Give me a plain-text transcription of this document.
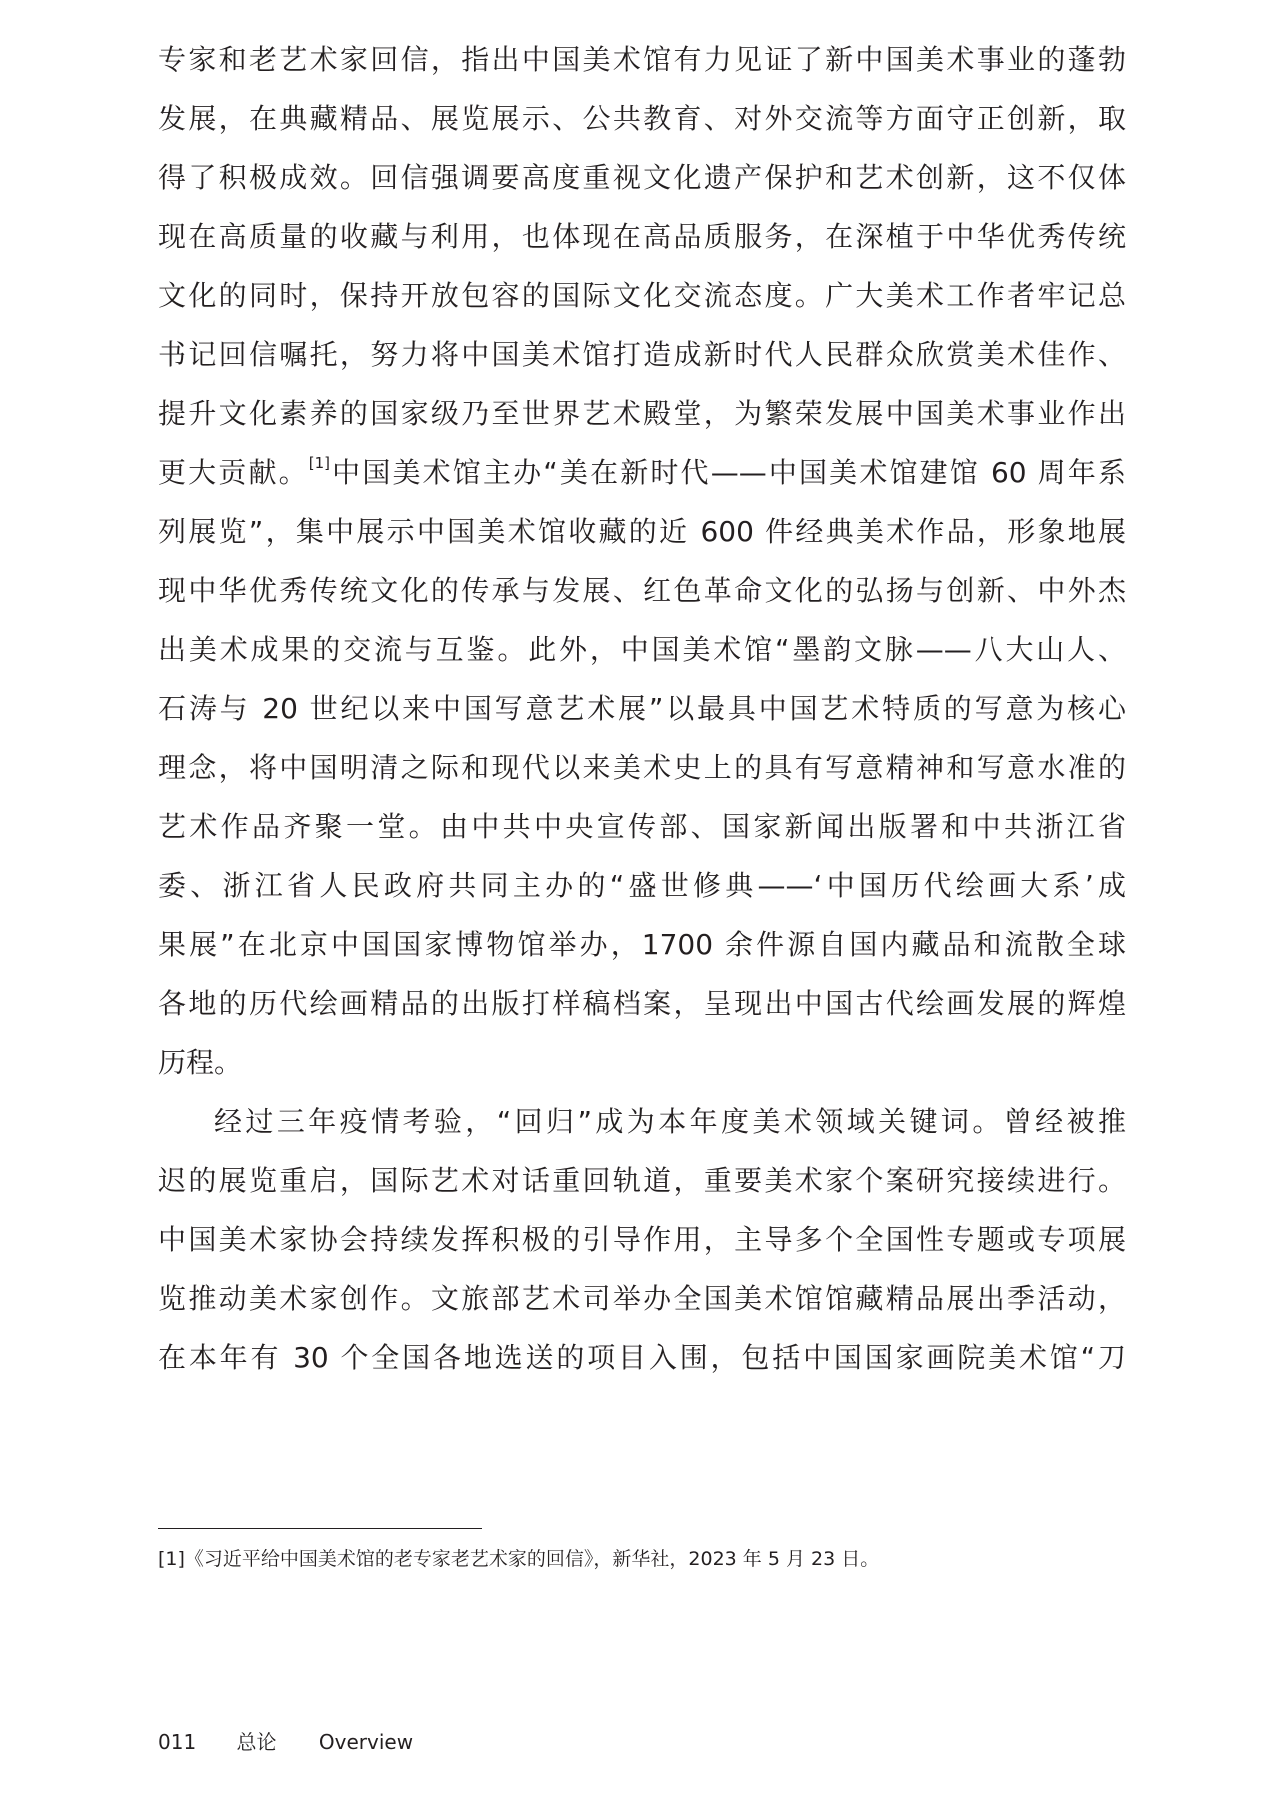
专家和老艺术家回信，指出中国美术馆有力见证了新中国美术事业的蓬勃
发展，在典藏精品、展览展示、公共教育、对外交流等方面守正创新，取
得了积极成效。回信强调要高度重视文化遗产保护和艺术创新，这不仅体
现在高质量的收藏与利用，也体现在高品质服务，在深植于中华优秀传统
文化的同时，保持开放包容的国际文化交流态度。广大美术工作者牢记总
书记回信嘱托，努力将中国美术馆打造成新时代人民群众欣赏美术佳作、
提升文化素养的国家级乃至世界艺术殿堂，为繁荣发展中国美术事业作出
更大贡献。[1]中国美术馆主办“美在新时代——中国美术馆建馆 60 周年系
列展览”，集中展示中国美术馆收藏的近 600 件经典美术作品，形象地展
现中华优秀传统文化的传承与发展、红色革命文化的弘扬与创新、中外杰
出美术成果的交流与互鉴。此外，中国美术馆“墨韵文脉——八大山人、
石涛与 20 世纪以来中国写意艺术展”以最具中国艺术特质的写意为核心
理念，将中国明清之际和现代以来美术史上的具有写意精神和写意水准的
艺术作品齐聚一堂。由中共中央宣传部、国家新闻出版署和中共浙江省
委、浙江省人民政府共同主办的“盛世修典——‘中国历代绘画大系’成
果展”在北京中国国家博物馆举办，1700 余件源自国内藏品和流散全球
各地的历代绘画精品的出版打样稿档案，呈现出中国古代绘画发展的辉煌
历程。
经过三年疫情考验，“回归”成为本年度美术领域关键词。曾经被推
迟的展览重启，国际艺术对话重回轨道，重要美术家个案研究接续进行。
中国美术家协会持续发挥积极的引导作用，主导多个全国性专题或专项展
览推动美术家创作。文旅部艺术司举办全国美术馆馆藏精品展出季活动，
在本年有 30 个全国各地选送的项目入围，包括中国国家画院美术馆“刀
[1]《习近平给中国美术馆的老专家老艺术家的回信》，新华社，2023 年 5 月 23 日。
011 总论 Overview
